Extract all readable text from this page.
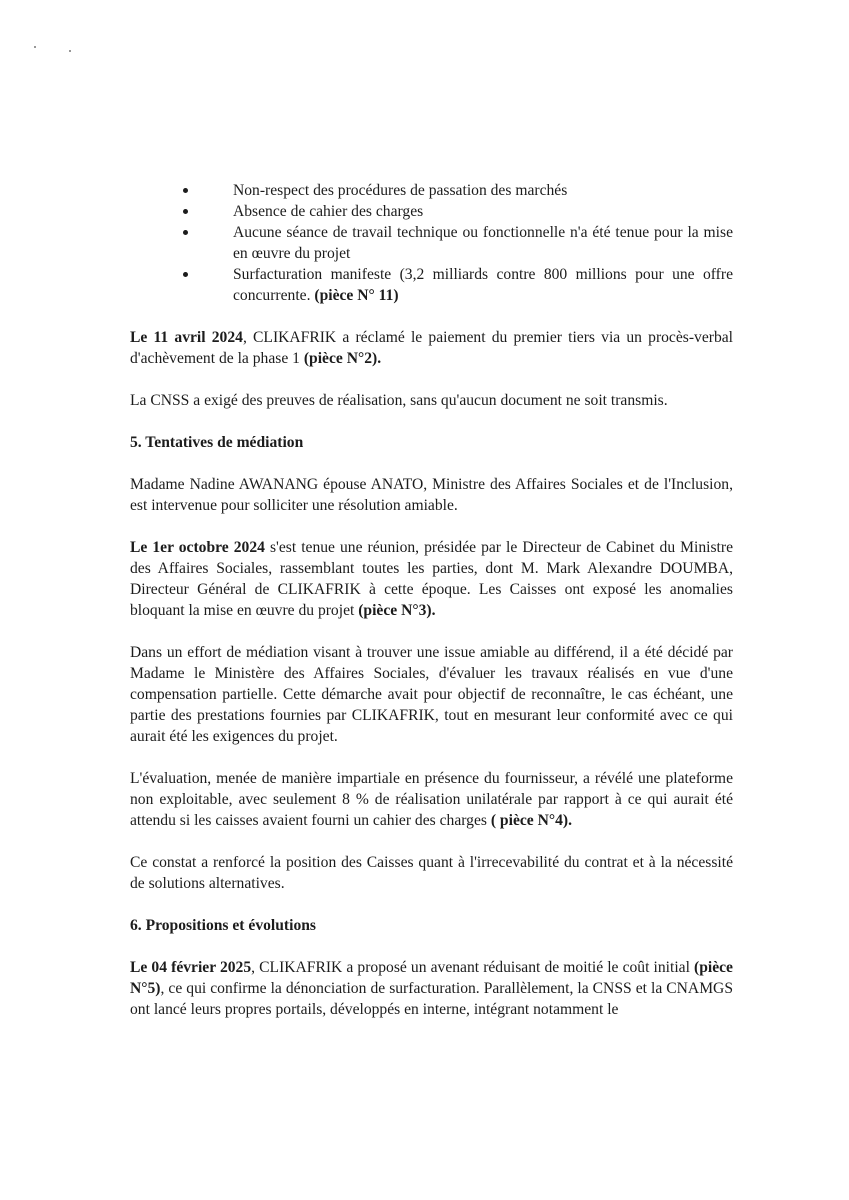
Non-respect des procédures de passation des marchés
Absence de cahier des charges
Aucune séance de travail technique ou fonctionnelle n'a été tenue pour la mise en œuvre du projet
Surfacturation manifeste (3,2 milliards contre 800 millions pour une offre concurrente. (pièce N° 11)

Le 11 avril 2024, CLIKAFRIK a réclamé le paiement du premier tiers via un procès-verbal d'achèvement de la phase 1 (pièce N°2).

La CNSS a exigé des preuves de réalisation, sans qu'aucun document ne soit transmis.

5. Tentatives de médiation

Madame Nadine AWANANG épouse ANATO, Ministre des Affaires Sociales et de l'Inclusion, est intervenue pour solliciter une résolution amiable.

Le 1er octobre 2024 s'est tenue une réunion, présidée par le Directeur de Cabinet du Ministre des Affaires Sociales, rassemblant toutes les parties, dont M. Mark Alexandre DOUMBA, Directeur Général de CLIKAFRIK à cette époque. Les Caisses ont exposé les anomalies bloquant la mise en œuvre du projet (pièce N°3).

Dans un effort de médiation visant à trouver une issue amiable au différend, il a été décidé par Madame le Ministère des Affaires Sociales, d'évaluer les travaux réalisés en vue d'une compensation partielle. Cette démarche avait pour objectif de reconnaître, le cas échéant, une partie des prestations fournies par CLIKAFRIK, tout en mesurant leur conformité avec ce qui aurait été les exigences du projet.

L'évaluation, menée de manière impartiale en présence du fournisseur, a révélé une plateforme non exploitable, avec seulement 8 % de réalisation unilatérale par rapport à ce qui aurait été attendu si les caisses avaient fourni un cahier des charges ( pièce N°4).

Ce constat a renforcé la position des Caisses quant à l'irrecevabilité du contrat et à la nécessité de solutions alternatives.

6. Propositions et évolutions

Le 04 février 2025, CLIKAFRIK a proposé un avenant réduisant de moitié le coût initial (pièce N°5), ce qui confirme la dénonciation de surfacturation. Parallèlement, la CNSS et la CNAMGS ont lancé leurs propres portails, développés en interne, intégrant notamment le
